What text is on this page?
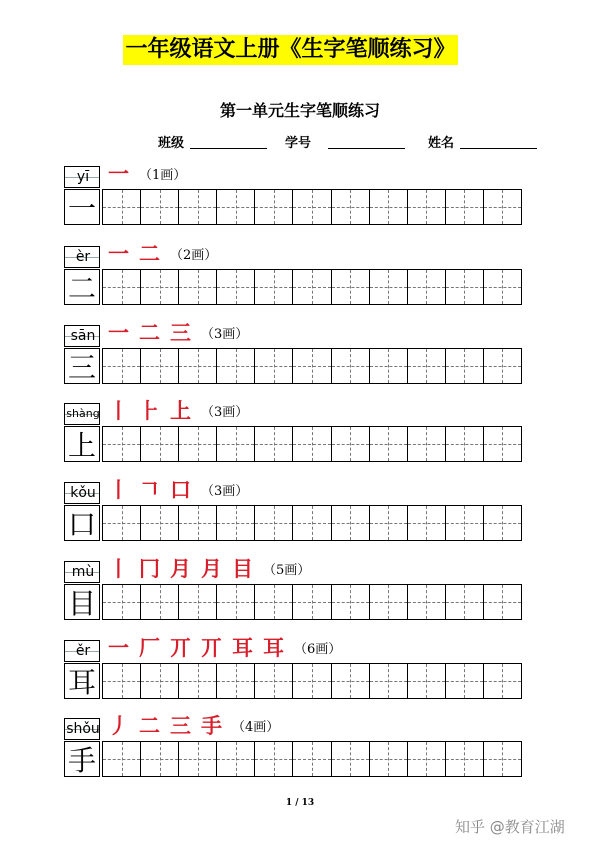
一年级语文上册《生字笔顺练习》
第一单元生字笔顺练习
班级	学号	姓名
yī
一
一 （1画）
èr
二
一 二 （2画）
sān
三
一 二 三 （3画）
shàng
上
丨 ⺊ 上 （3画）
kǒu
口
丨 𠃍 口 （3画）
mù
目
丨 冂 月 月 目 （5画）
ěr
耳
一 厂 丌 丌 耳 耳 （6画）
shǒu
手
丿 二 三 手 （4画）
1 / 13
知乎 @教育江湖
